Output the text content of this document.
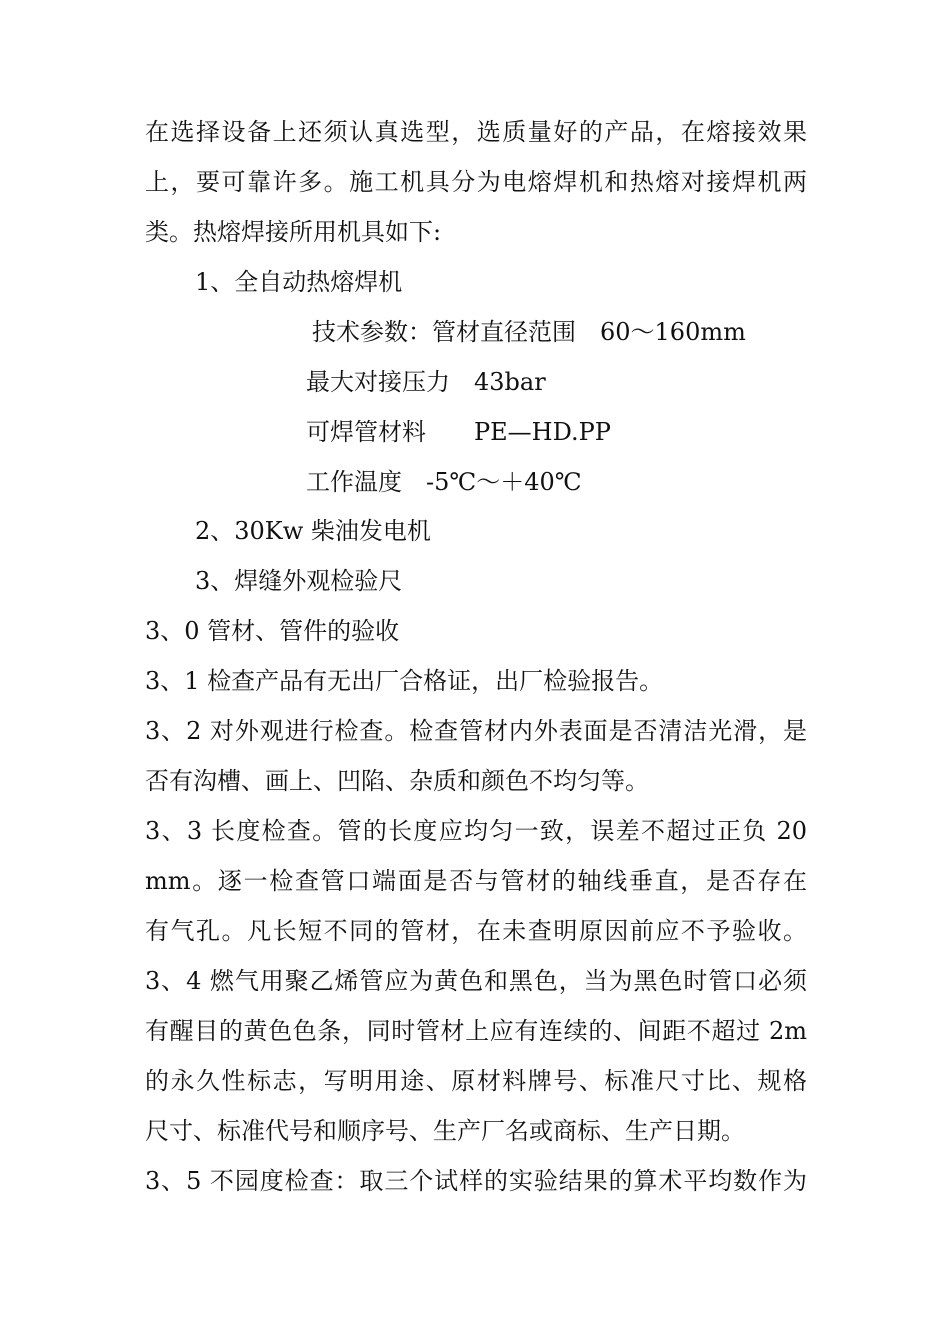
在选择设备上还须认真选型，选质量好的产品，在熔接效果
上，要可靠许多。施工机具分为电熔焊机和热熔对接焊机两
类。热熔焊接所用机具如下:
1、全自动热熔焊机
技术参数：管材直径范围　60～160mm
最大对接压力　43bar
可焊管材料　　PE—HD.PP
工作温度　-5℃～＋40℃
2、30Kw 柴油发电机
3、焊缝外观检验尺
3、0 管材、管件的验收
3、1 检查产品有无出厂合格证，出厂检验报告。
3、2 对外观进行检查。检查管材内外表面是否清洁光滑，是
否有沟槽、画上、凹陷、杂质和颜色不均匀等。
3、3 长度检查。管的长度应均匀一致，误差不超过正负 20
mm。逐一检查管口端面是否与管材的轴线垂直，是否存在
有气孔。凡长短不同的管材，在未查明原因前应不予验收。
3、4 燃气用聚乙烯管应为黄色和黑色，当为黑色时管口必须
有醒目的黄色色条，同时管材上应有连续的、间距不超过 2m
的永久性标志，写明用途、原材料牌号、标准尺寸比、规格
尺寸、标准代号和顺序号、生产厂名或商标、生产日期。
3、5 不园度检查：取三个试样的实验结果的算术平均数作为
